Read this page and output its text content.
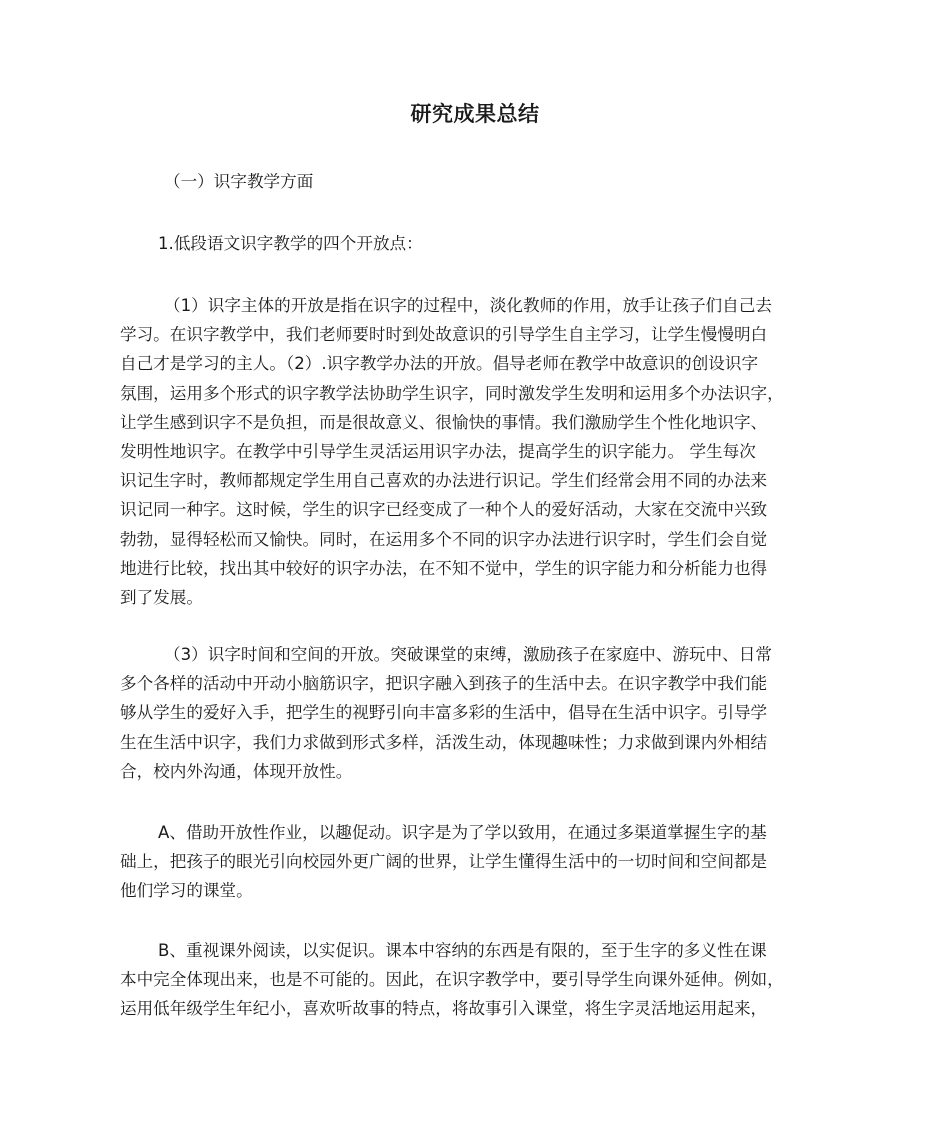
研究成果总结

（一）识字教学方面

1.低段语文识字教学的四个开放点：

（1）识字主体的开放是指在识字的过程中，淡化教师的作用，放手让孩子们自己去
学习。在识字教学中，我们老师要时时到处故意识的引导学生自主学习，让学生慢慢明白
自己才是学习的主人。（2）.识字教学办法的开放。倡导老师在教学中故意识的创设识字
氛围，运用多个形式的识字教学法协助学生识字，同时激发学生发明和运用多个办法识字，
让学生感到识字不是负担，而是很故意义、很愉快的事情。我们激励学生个性化地识字、
发明性地识字。在教学中引导学生灵活运用识字办法，提高学生的识字能力。 学生每次
识记生字时，教师都规定学生用自己喜欢的办法进行识记。学生们经常会用不同的办法来
识记同一种字。这时候，学生的识字已经变成了一种个人的爱好活动，大家在交流中兴致
勃勃，显得轻松而又愉快。同时，在运用多个不同的识字办法进行识字时，学生们会自觉
地进行比较，找出其中较好的识字办法，在不知不觉中，学生的识字能力和分析能力也得
到了发展。
（3）识字时间和空间的开放。突破课堂的束缚，激励孩子在家庭中、游玩中、日常
多个各样的活动中开动小脑筋识字，把识字融入到孩子的生活中去。在识字教学中我们能
够从学生的爱好入手，把学生的视野引向丰富多彩的生活中，倡导在生活中识字。引导学
生在生活中识字，我们力求做到形式多样，活泼生动，体现趣味性；力求做到课内外相结
合，校内外沟通，体现开放性。
A、借助开放性作业，以趣促动。识字是为了学以致用，在通过多渠道掌握生字的基
础上，把孩子的眼光引向校园外更广阔的世界，让学生懂得生活中的一切时间和空间都是
他们学习的课堂。
B、重视课外阅读，以实促识。课本中容纳的东西是有限的，至于生字的多义性在课
本中完全体现出来，也是不可能的。因此，在识字教学中，要引导学生向课外延伸。例如，
运用低年级学生年纪小，喜欢听故事的特点，将故事引入课堂，将生字灵活地运用起来，
